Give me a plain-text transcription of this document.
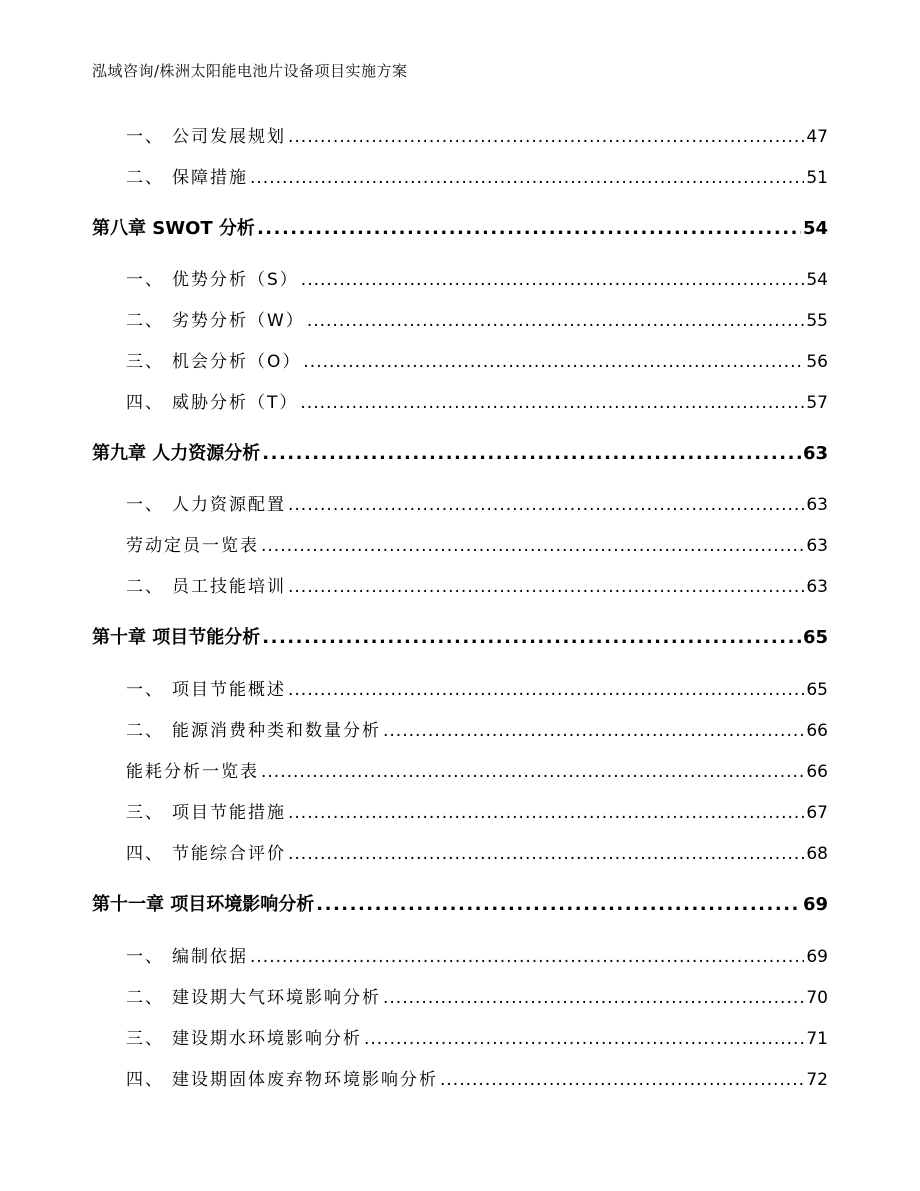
泓域咨询/株洲太阳能电池片设备项目实施方案
一、 公司发展规划 .....	47
二、 保障措施 .....	51
第八章 SWOT 分析 .....	54
一、 优势分析（S） .....	54
二、 劣势分析（W） .....	55
三、 机会分析（O） .....	56
四、 威胁分析（T） .....	57
第九章 人力资源分析 .....	63
一、 人力资源配置 .....	63
劳动定员一览表 .....	63
二、 员工技能培训 .....	63
第十章 项目节能分析 .....	65
一、 项目节能概述 .....	65
二、 能源消费种类和数量分析 .....	66
能耗分析一览表 .....	66
三、 项目节能措施 .....	67
四、 节能综合评价 .....	68
第十一章 项目环境影响分析 .....	69
一、 编制依据 .....	69
二、 建设期大气环境影响分析 .....	70
三、 建设期水环境影响分析 .....	71
四、 建设期固体废弃物环境影响分析 .....	72
